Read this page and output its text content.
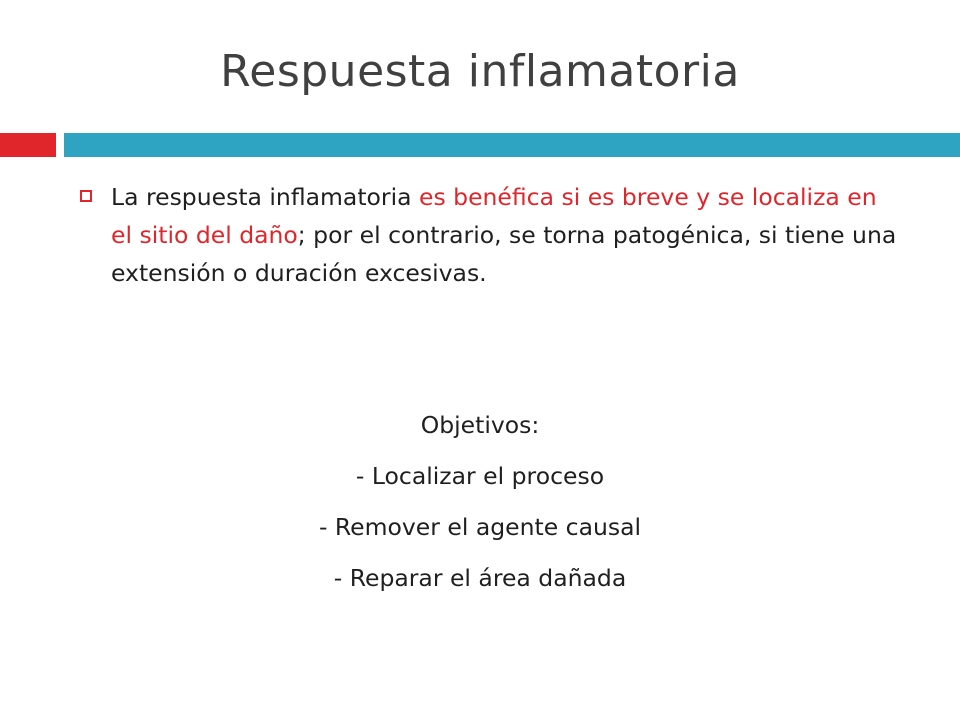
Respuesta inflamatoria
La respuesta inflamatoria es benéfica si es breve y se localiza en el sitio del daño; por el contrario, se torna patogénica, si tiene una extensión o duración excesivas.
Objetivos:
- Localizar el proceso
- Remover el agente causal
- Reparar el área dañada
